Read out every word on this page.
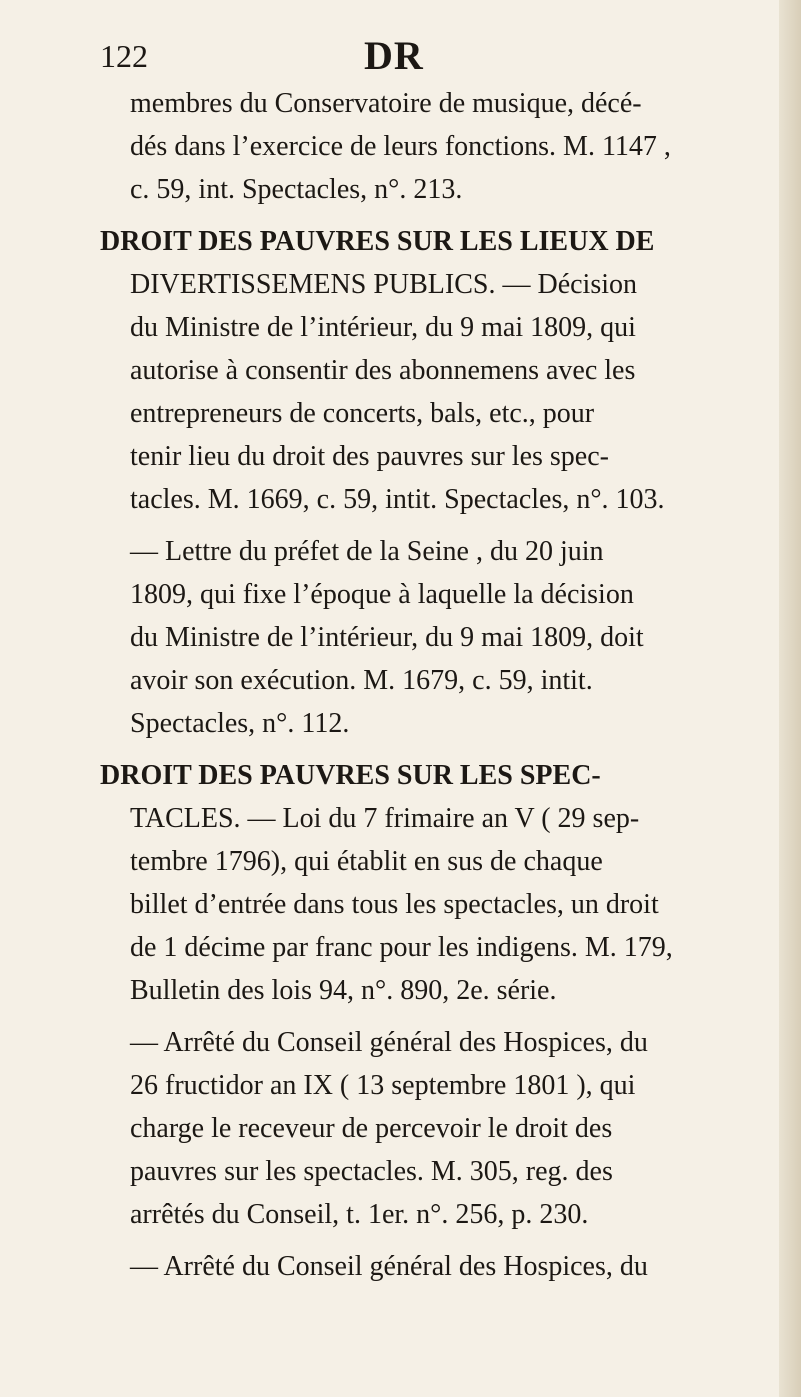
122	DR
membres du Conservatoire de musique, décé-
dés dans l’exercice de leurs fonctions. M. 1147 ,
c. 59, int. Spectacles, n°. 213.
DROIT DES PAUVRES SUR LES LIEUX DE
DIVERTISSEMENS PUBLICS. — Décision
du Ministre de l’intérieur, du 9 mai 1809, qui
autorise à consentir des abonnemens avec les
entrepreneurs de concerts, bals, etc., pour
tenir lieu du droit des pauvres sur les spec-
tacles. M. 1669, c. 59, intit. Spectacles, n°. 103.
— Lettre du préfet de la Seine , du 20 juin
1809, qui fixe l’époque à laquelle la décision
du Ministre de l’intérieur, du 9 mai 1809, doit
avoir son exécution. M. 1679, c. 59, intit.
Spectacles, n°. 112.
DROIT DES PAUVRES SUR LES SPEC-
TACLES. — Loi du 7 frimaire an V ( 29 sep-
tembre 1796), qui établit en sus de chaque
billet d’entrée dans tous les spectacles, un droit
de 1 décime par franc pour les indigens. M. 179,
Bulletin des lois 94, n°. 890, 2e. série.
— Arrêté du Conseil général des Hospices, du
26 fructidor an IX ( 13 septembre 1801 ), qui
charge le receveur de percevoir le droit des
pauvres sur les spectacles. M. 305, reg. des
arrêtés du Conseil, t. 1er. n°. 256, p. 230.
— Arrêté du Conseil général des Hospices, du
